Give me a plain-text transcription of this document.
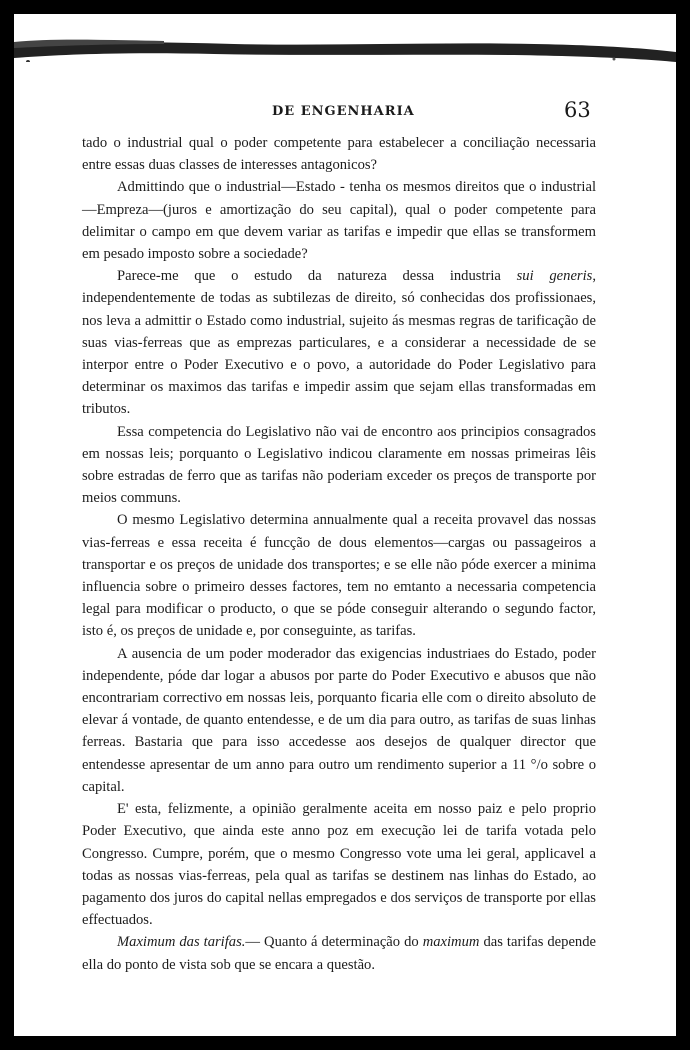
DE ENGENHARIA	63

tado o industrial qual o poder competente para estabelecer a conciliação necessaria entre essas duas classes de interesses antagonicos?

Admittindo que o industrial—Estado - tenha os mesmos direitos que o industrial—Empreza—(juros e amortização do seu capital), qual o poder competente para delimitar o campo em que devem variar as tarifas e impedir que ellas se transformem em pesado imposto sobre a sociedade?

Parece-me que o estudo da natureza dessa industria sui generis, independentemente de todas as subtilezas de direito, só conhecidas dos profissionaes, nos leva a admittir o Estado como industrial, sujeito ás mesmas regras de tarificação de suas vias-ferreas que as emprezas particulares, e a considerar a necessidade de se interpor entre o Poder Executivo e o povo, a autoridade do Poder Legislativo para determinar os maximos das tarifas e impedir assim que sejam ellas transformadas em tributos.

Essa competencia do Legislativo não vai de encontro aos principios consagrados em nossas leis; porquanto o Legislativo indicou claramente em nossas primeiras lêis sobre estradas de ferro que as tarifas não poderiam exceder os preços de transporte por meios communs.

O mesmo Legislativo determina annualmente qual a receita provavel das nossas vias-ferreas e essa receita é funcção de dous elementos—cargas ou passageiros a transportar e os preços de unidade dos transportes; e se elle não póde exercer a minima influencia sobre o primeiro desses factores, tem no emtanto a necessaria competencia legal para modificar o producto, o que se póde conseguir alterando o segundo factor, isto é, os preços de unidade e, por conseguinte, as tarifas.

A ausencia de um poder moderador das exigencias industriaes do Estado, poder independente, póde dar logar a abusos por parte do Poder Executivo e abusos que não encontrariam correctivo em nossas leis, porquanto ficaria elle com o direito absoluto de elevar á vontade, de quanto entendesse, e de um dia para outro, as tarifas de suas linhas ferreas. Bastaria que para isso accedesse aos desejos de qualquer director que entendesse apresentar de um anno para outro um rendimento superior a 11 °/o sobre o capital.

E' esta, felizmente, a opinião geralmente aceita em nosso paiz e pelo proprio Poder Executivo, que ainda este anno poz em execução lei de tarifa votada pelo Congresso. Cumpre, porém, que o mesmo Congresso vote uma lei geral, applicavel a todas as nossas vias-ferreas, pela qual as tarifas se destinem nas linhas do Estado, ao pagamento dos juros do capital nellas empregados e dos serviços de transporte por ellas effectuados.

Maximum das tarifas.— Quanto á determinação do maximum das tarifas depende ella do ponto de vista sob que se encara a questão.
